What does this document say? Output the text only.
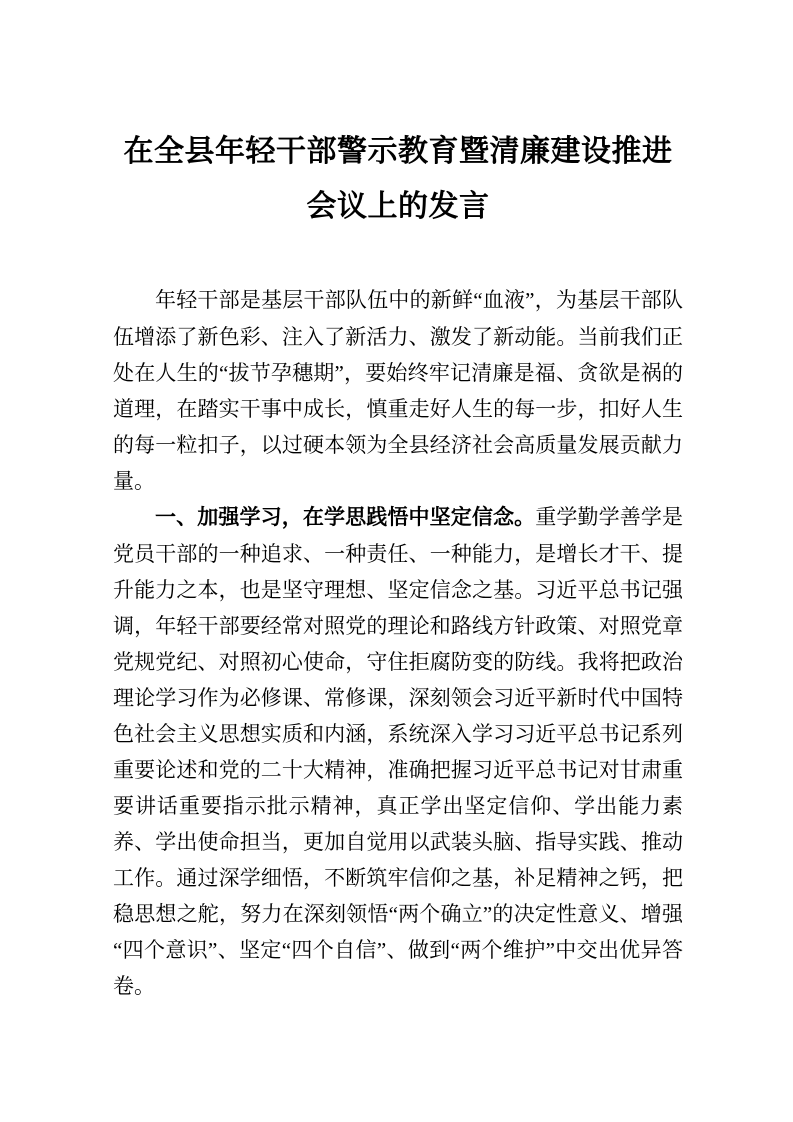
在全县年轻干部警示教育暨清廉建设推进
会议上的发言

年轻干部是基层干部队伍中的新鲜“血液”，为基层干部队伍增添了新色彩、注入了新活力、激发了新动能。当前我们正处在人生的“拔节孕穗期”，要始终牢记清廉是福、贪欲是祸的道理，在踏实干事中成长，慎重走好人生的每一步，扣好人生的每一粒扣子，以过硬本领为全县经济社会高质量发展贡献力量。

一、加强学习，在学思践悟中坚定信念。重学勤学善学是党员干部的一种追求、一种责任、一种能力，是增长才干、提升能力之本，也是坚守理想、坚定信念之基。习近平总书记强调，年轻干部要经常对照党的理论和路线方针政策、对照党章党规党纪、对照初心使命，守住拒腐防变的防线。我将把政治理论学习作为必修课、常修课，深刻领会习近平新时代中国特色社会主义思想实质和内涵，系统深入学习习近平总书记系列重要论述和党的二十大精神，准确把握习近平总书记对甘肃重要讲话重要指示批示精神，真正学出坚定信仰、学出能力素养、学出使命担当，更加自觉用以武装头脑、指导实践、推动工作。通过深学细悟，不断筑牢信仰之基，补足精神之钙，把稳思想之舵，努力在深刻领悟“两个确立”的决定性意义、增强“四个意识”、坚定“四个自信”、做到“两个维护”中交出优异答卷。
